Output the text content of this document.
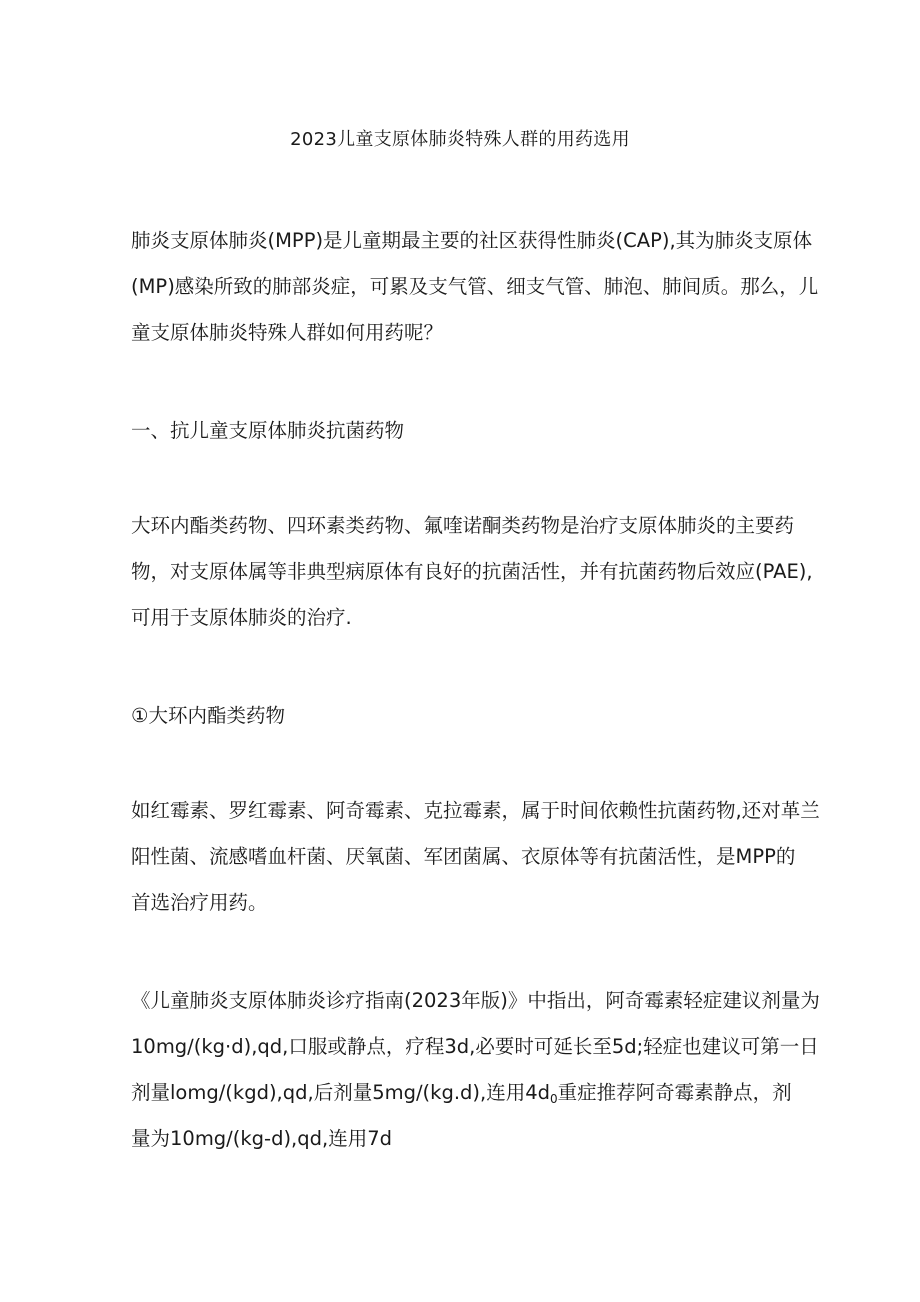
2023儿童支原体肺炎特殊人群的用药选用

肺炎支原体肺炎(MPP)是儿童期最主要的社区获得性肺炎(CAP),其为肺炎支原体
(MP)感染所致的肺部炎症，可累及支气管、细支气管、肺泡、肺间质。那么，儿
童支原体肺炎特殊人群如何用药呢？

一、抗儿童支原体肺炎抗菌药物

大环内酯类药物、四环素类药物、氟喹诺酮类药物是治疗支原体肺炎的主要药
物，对支原体属等非典型病原体有良好的抗菌活性，并有抗菌药物后效应(PAE),
可用于支原体肺炎的治疗.

①大环内酯类药物

如红霉素、罗红霉素、阿奇霉素、克拉霉素，属于时间依赖性抗菌药物,还对革兰
阳性菌、流感嗜血杆菌、厌氧菌、军团菌属、衣原体等有抗菌活性，是MPP的
首选治疗用药。

《儿童肺炎支原体肺炎诊疗指南(2023年版)》中指出，阿奇霉素轻症建议剂量为
10mg∕(kg·d),qd,口服或静点，疗程3d,必要时可延长至5d;轻症也建议可第一日
剂量lomg/(kgd),qd,后剂量5mg∕(kg.d),连用$4d_0$重症推荐阿奇霉素静点，剂
量为10mg∕(kg-d),qd,连用7d
